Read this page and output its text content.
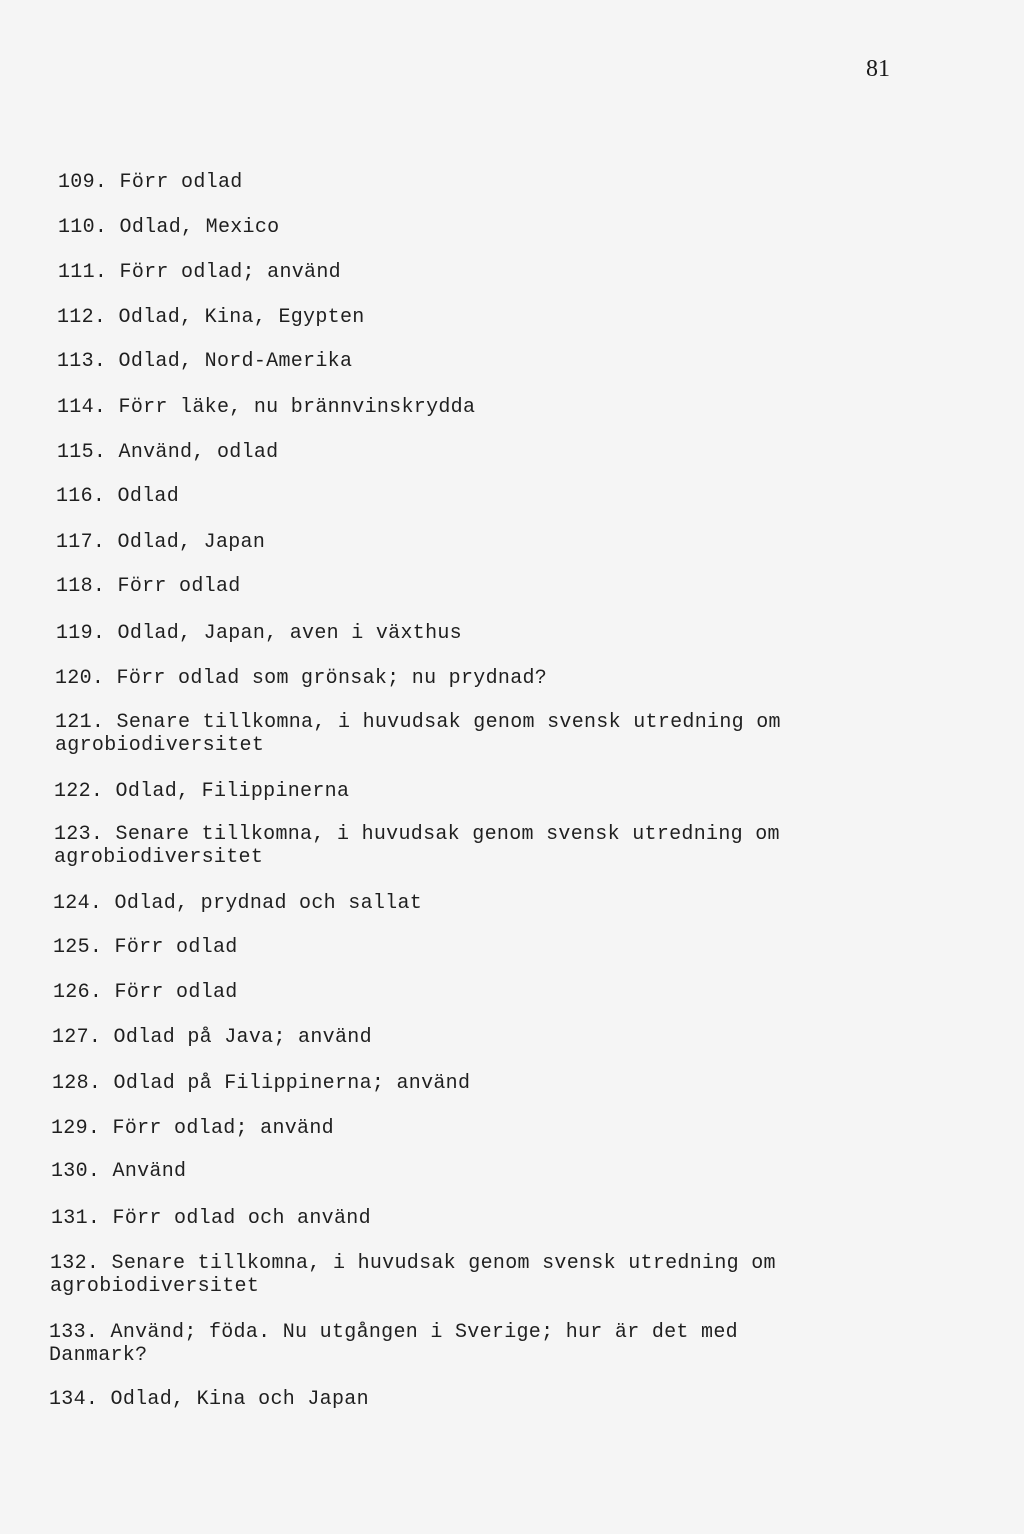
81
109. Förr odlad
110. Odlad, Mexico
111. Förr odlad; använd
112. Odlad, Kina, Egypten
113. Odlad, Nord-Amerika
114. Förr läke, nu brännvinskrydda
115. Använd, odlad
116. Odlad
117. Odlad, Japan
118. Förr odlad
119. Odlad, Japan, aven i växthus
120. Förr odlad som grönsak; nu prydnad?
121. Senare tillkomna, i huvudsak genom svensk utredning om
agrobiodiversitet
122. Odlad, Filippinerna
123. Senare tillkomna, i huvudsak genom svensk utredning om
agrobiodiversitet
124. Odlad, prydnad och sallat
125. Förr odlad
126. Förr odlad
127. Odlad på Java; använd
128. Odlad på Filippinerna; använd
129. Förr odlad; använd
130. Använd
131. Förr odlad och använd
132. Senare tillkomna, i huvudsak genom svensk utredning om
agrobiodiversitet
133. Använd; föda. Nu utgången i Sverige; hur är det med
Danmark?
134. Odlad, Kina och Japan
